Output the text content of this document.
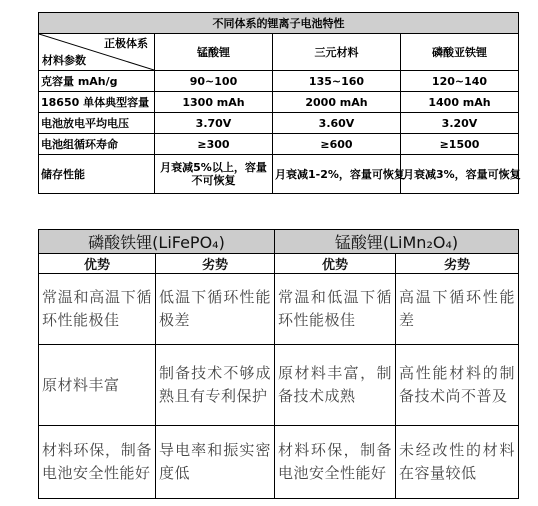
不同体系的锂离子电池特性			

正极体系
材料参数	锰酸锂	三元材料	磷酸亚铁锂
克容量 mAh/g	90~100	135~160	120~140
18650 单体典型容量	1300 mAh	2000 mAh	1400 mAh
电池放电平均电压	3.70V	3.60V	3.20V
电池组循环寿命	≥300	≥600	≥1500
储存性能	月衰减5%以上，容量不可恢复	月衰减1-2%，容量可恢复	月衰减3%，容量可恢复
磷酸铁锂(LiFePO₄)		锰酸锂(LiMn₂O₄)	
优势	劣势	优势	劣势
常温和高温下循环性能极佳	低温下循环性能极差	常温和低温下循环性能极佳	高温下循环性能差
原材料丰富	制备技术不够成熟且有专利保护	原材料丰富，制备技术成熟	高性能材料的制备技术尚不普及
材料环保，制备电池安全性能好	导电率和振实密度低	材料环保，制备电池安全性能好	未经改性的材料在容量较低
